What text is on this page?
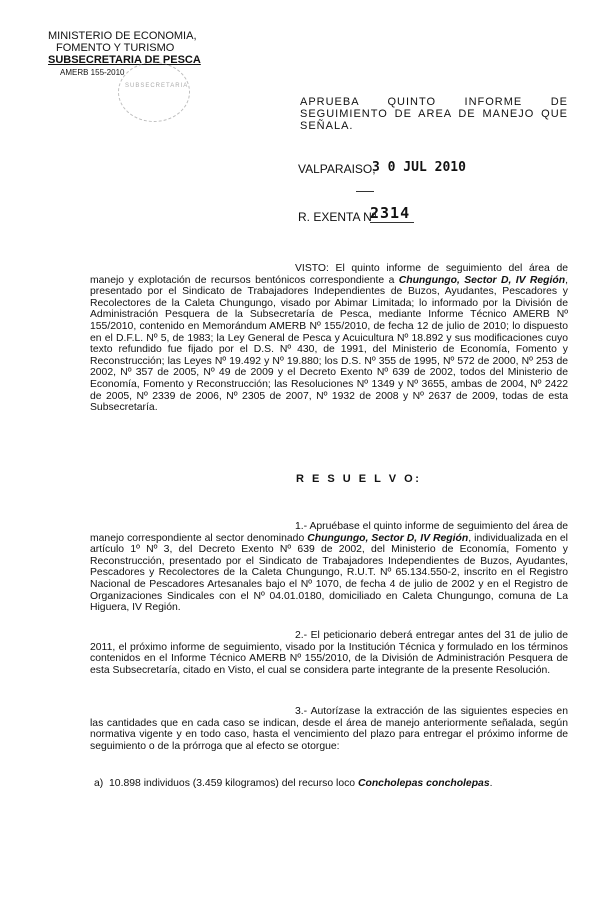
MINISTERIO DE ECONOMIA,
FOMENTO Y TURISMO
SUBSECRETARIA DE PESCA
AMERB 155-2010
SUBSECRETARIA
APRUEBA QUINTO INFORME DE SEGUIMIENTO DE AREA DE MANEJO QUE SEÑALA.
VALPARAISO,
3 0 JUL 2010
R. EXENTA Nº
2314

VISTO: El quinto informe de seguimiento del área de manejo y explotación de recursos bentónicos correspondiente a Chungungo, Sector D, IV Región, presentado por el Sindicato de Trabajadores Independientes de Buzos, Ayudantes, Pescadores y Recolectores de la Caleta Chungungo, visado por Abimar Limitada; lo informado por la División de Administración Pesquera de la Subsecretaría de Pesca, mediante Informe Técnico AMERB Nº 155/2010, contenido en Memorándum AMERB Nº 155/2010, de fecha 12 de julio de 2010; lo dispuesto en el D.F.L. Nº 5, de 1983; la Ley General de Pesca y Acuicultura Nº 18.892 y sus modificaciones cuyo texto refundido fue fijado por el D.S. Nº 430, de 1991, del Ministerio de Economía, Fomento y Reconstrucción; las Leyes Nº 19.492 y Nº 19.880; los D.S. Nº 355 de 1995, Nº 572 de 2000, Nº 253 de 2002, Nº 357 de 2005, Nº 49 de 2009 y el Decreto Exento Nº 639 de 2002, todos del Ministerio de Economía, Fomento y Reconstrucción; las Resoluciones Nº 1349 y Nº 3655, ambas de 2004, Nº 2422 de 2005, Nº 2339 de 2006, Nº 2305 de 2007, Nº 1932 de 2008 y Nº 2637 de 2009, todas de esta Subsecretaría.

R E S U E L V O:

1.- Apruébase el quinto informe de seguimiento del área de manejo correspondiente al sector denominado Chungungo, Sector D, IV Región, individualizada en el artículo 1º Nº 3, del Decreto Exento Nº 639 de 2002, del Ministerio de Economía, Fomento y Reconstrucción, presentado por el Sindicato de Trabajadores Independientes de Buzos, Ayudantes, Pescadores y Recolectores de la Caleta Chungungo, R.U.T. Nº 65.134.550-2, inscrito en el Registro Nacional de Pescadores Artesanales bajo el Nº 1070, de fecha 4 de julio de 2002 y en el Registro de Organizaciones Sindicales con el Nº 04.01.0180, domiciliado en Caleta Chungungo, comuna de La Higuera, IV Región.

2.- El peticionario deberá entregar antes del 31 de julio de 2011, el próximo informe de seguimiento, visado por la Institución Técnica y formulado en los términos contenidos en el Informe Técnico AMERB Nº 155/2010, de la División de Administración Pesquera de esta Subsecretaría, citado en Visto, el cual se considera parte integrante de la presente Resolución.

3.- Autorízase la extracción de las siguientes especies en las cantidades que en cada caso se indican, desde el área de manejo anteriormente señalada, según normativa vigente y en todo caso, hasta el vencimiento del plazo para entregar el próximo informe de seguimiento o de la prórroga que al efecto se otorgue:

a) 10.898 individuos (3.459 kilogramos) del recurso loco Concholepas concholepas.
